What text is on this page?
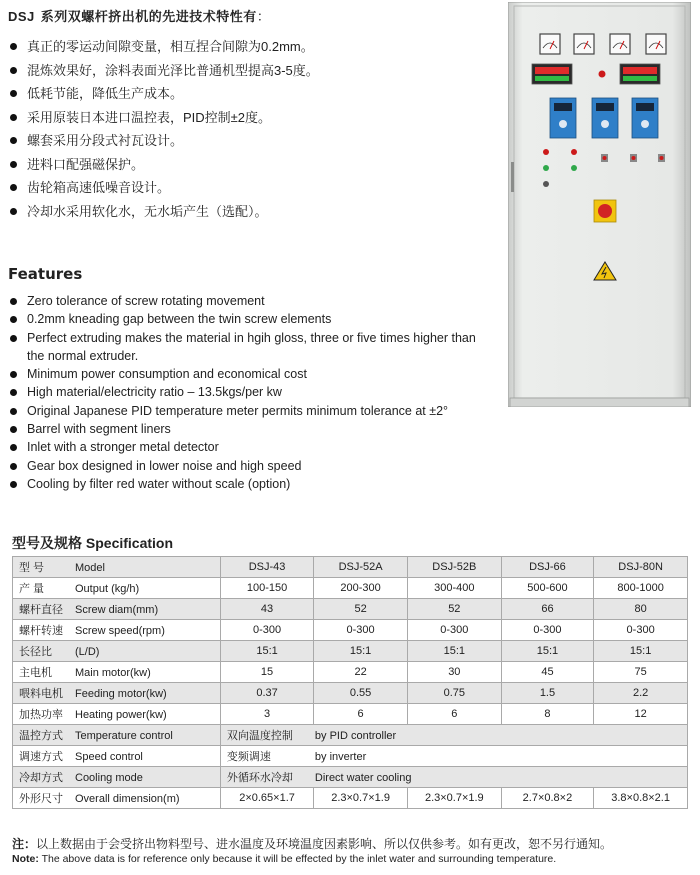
DSJ 系列双螺杆挤出机的先进技术特性有：
真正的零运动间隙变量，相互捏合间隙为0.2mm。
混炼效果好，涂料表面光泽比普通机型提高3-5度。
低耗节能，降低生产成本。
采用原装日本进口温控表，PID控制±2度。
螺套采用分段式衬瓦设计。
进料口配强磁保护。
齿轮箱高速低噪音设计。
冷却水采用软化水，无水垢产生（选配）。
Features
Zero tolerance of screw rotating movement
0.2mm kneading gap between the twin screw elements
Perfect extruding makes the material in hgih gloss, three or five times higher than the normal extruder.
Minimum power consumption and economical cost
High material/electricity ratio – 13.5kgs/per kw
Original Japanese PID temperature meter permits minimum tolerance at ±2°
Barrel with segment liners
Inlet with a stronger metal detector
Gear box designed in lower noise and high speed
Cooling by filter red water without scale (option)
型号及规格 Specification
型 号 Model	DSJ-43	DSJ-52A	DSJ-52B	DSJ-66	DSJ-80N
产 量 Output (kg/h)	100-150	200-300	300-400	500-600	800-1000
螺杆直径 Screw diam(mm)	43	52	52	66	80
螺杆转速 Screw speed(rpm)	0-300	0-300	0-300	0-300	0-300
长径比 (L/D)	15:1	15:1	15:1	15:1	15:1
主电机 Main motor(kw)	15	22	30	45	75
喂料电机 Feeding motor(kw)	0.37	0.55	0.75	1.5	2.2
加热功率 Heating power(kw)	3	6	6	8	12
温控方式 Temperature control	双向温度控制 by PID controller				
调速方式 Speed control	变频调速 by inverter				
冷却方式 Cooling mode	外循环水冷却 Direct water cooling				
外形尺寸 Overall dimension(m)	2×0.65×1.7	2.3×0.7×1.9	2.3×0.7×1.9	2.7×0.8×2	3.8×0.8×2.1
注：以上数据由于会受挤出物料型号、进水温度及环境温度因素影响、所以仅供参考。如有更改，恕不另行通知。
Note: The above data is for reference only because it will be effected by the inlet water and surrounding temperature.
